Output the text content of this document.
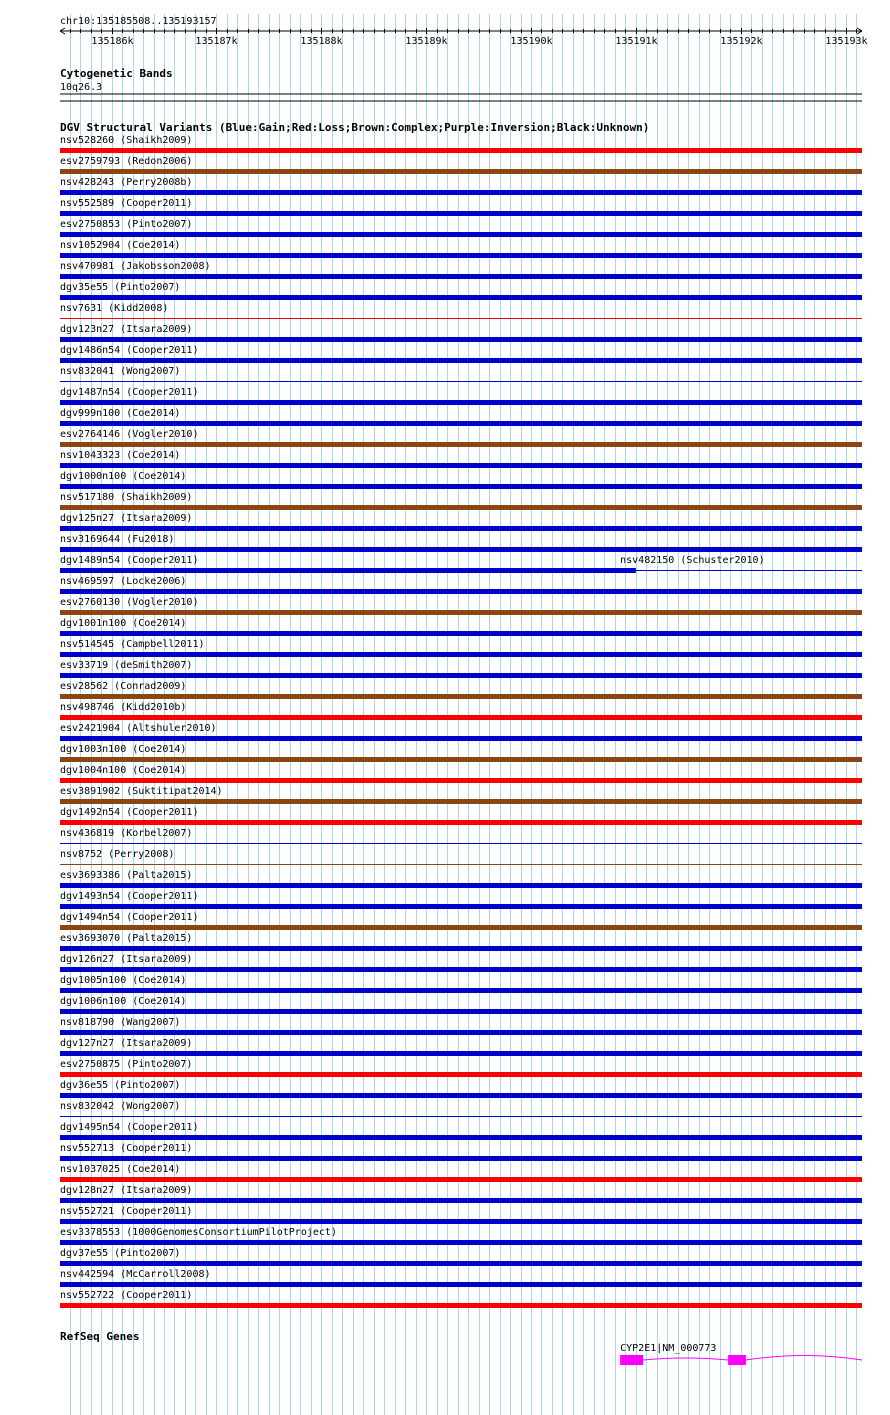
chr10:135185508..135193157
135186k	135187k	135188k	135189k	135190k	135191k	135192k	135193k
Cytogenetic Bands
10q26.3
DGV Structural Variants (Blue:Gain;Red:Loss;Brown:Complex;Purple:Inversion;Black:Unknown)
nsv528260 (Shaikh2009)
esv2759793 (Redon2006)
nsv428243 (Perry2008b)
nsv552589 (Cooper2011)
esv2750853 (Pinto2007)
nsv1052904 (Coe2014)
nsv470981 (Jakobsson2008)
dgv35e55 (Pinto2007)
nsv7631 (Kidd2008)
dgv123n27 (Itsara2009)
dgv1486n54 (Cooper2011)
nsv832041 (Wong2007)
dgv1487n54 (Cooper2011)
dgv999n100 (Coe2014)
esv2764146 (Vogler2010)
nsv1043323 (Coe2014)
dgv1000n100 (Coe2014)
nsv517180 (Shaikh2009)
dgv125n27 (Itsara2009)
nsv3169644 (Fu2018)
dgv1489n54 (Cooper2011)	nsv482150 (Schuster2010)
nsv469597 (Locke2006)
esv2760130 (Vogler2010)
dgv1001n100 (Coe2014)
nsv514545 (Campbell2011)
esv33719 (deSmith2007)
esv28562 (Conrad2009)
nsv498746 (Kidd2010b)
esv2421904 (Altshuler2010)
dgv1003n100 (Coe2014)
dgv1004n100 (Coe2014)
esv3891902 (Suktitipat2014)
dgv1492n54 (Cooper2011)
nsv436819 (Korbel2007)
nsv8752 (Perry2008)
esv3693386 (Palta2015)
dgv1493n54 (Cooper2011)
dgv1494n54 (Cooper2011)
esv3693070 (Palta2015)
dgv126n27 (Itsara2009)
dgv1005n100 (Coe2014)
dgv1006n100 (Coe2014)
nsv818790 (Wang2007)
dgv127n27 (Itsara2009)
esv2750875 (Pinto2007)
dgv36e55 (Pinto2007)
nsv832042 (Wong2007)
dgv1495n54 (Cooper2011)
nsv552713 (Cooper2011)
nsv1037025 (Coe2014)
dgv128n27 (Itsara2009)
nsv552721 (Cooper2011)
esv3378553 (1000GenomesConsortiumPilotProject)
dgv37e55 (Pinto2007)
nsv442594 (McCarroll2008)
nsv552722 (Cooper2011)
RefSeq Genes
CYP2E1|NM_000773
